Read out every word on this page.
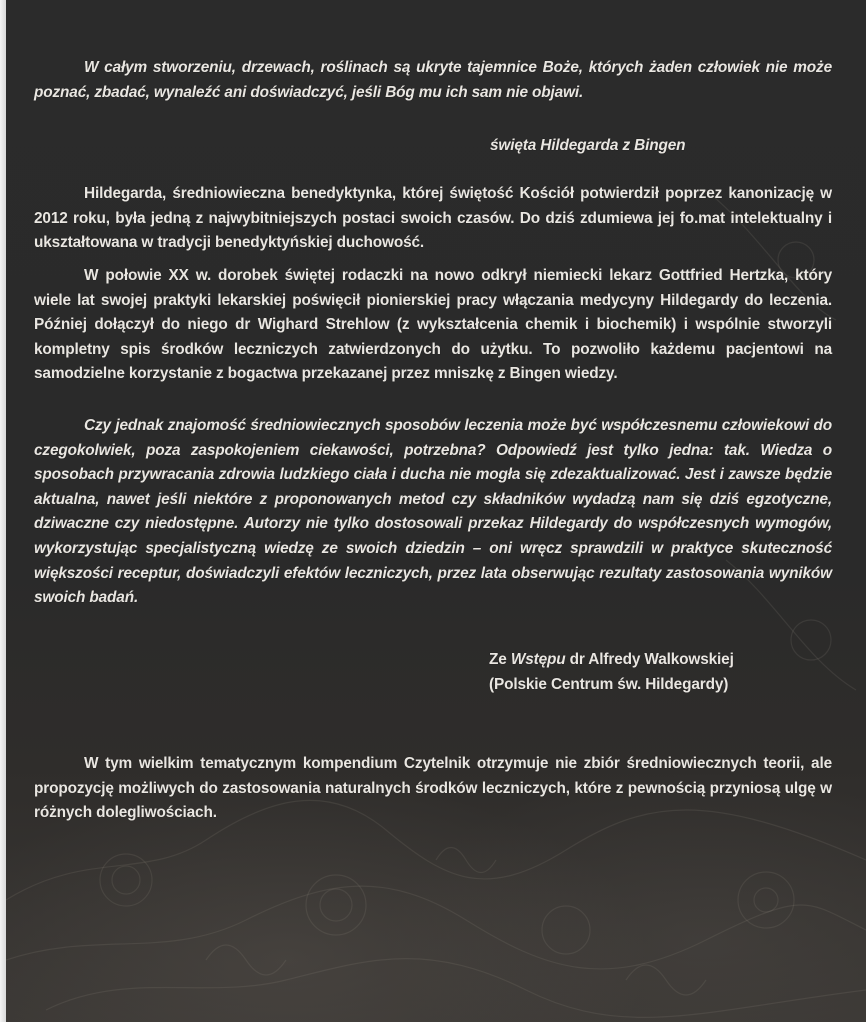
W całym stworzeniu, drzewach, roślinach są ukryte tajemnice Boże, których żaden człowiek nie może poznać, zbadać, wynaleźć ani doświadczyć, jeśli Bóg mu ich sam nie objawi.

święta Hildegarda z Bingen

Hildegarda, średniowieczna benedyktynka, której świętość Kościół potwierdził poprzez kanonizację w 2012 roku, była jedną z najwybitniejszych postaci swoich czasów. Do dziś zdumiewa jej fo.mat intelektualny i ukształtowana w tradycji benedyktyńskiej duchowość.

W połowie XX w. dorobek świętej rodaczki na nowo odkrył niemiecki lekarz Gottfried Hertzka, który wiele lat swojej praktyki lekarskiej poświęcił pionierskiej pracy włączania medycyny Hildegardy do leczenia. Później dołączył do niego dr Wighard Strehlow (z wykształcenia chemik i biochemik) i wspólnie stworzyli kompletny spis środków leczniczych zatwierdzonych do użytku. To pozwoliło każdemu pacjentowi na samodzielne korzystanie z bogactwa przekazanej przez mniszkę z Bingen wiedzy.

Czy jednak znajomość średniowiecznych sposobów leczenia może być współczesnemu człowiekowi do czegokolwiek, poza zaspokojeniem ciekawości, potrzebna? Odpowiedź jest tylko jedna: tak. Wiedza o sposobach przywracania zdrowia ludzkiego ciała i ducha nie mogła się zdezaktualizować. Jest i zawsze będzie aktualna, nawet jeśli niektóre z proponowanych metod czy składników wydadzą nam się dziś egzotyczne, dziwaczne czy niedostępne. Autorzy nie tylko dostosowali przekaz Hildegardy do współczesnych wymogów, wykorzystując specjalistyczną wiedzę ze swoich dziedzin – oni wręcz sprawdzili w praktyce skuteczność większości receptur, doświadczyli efektów leczniczych, przez lata obserwując rezultaty zastosowania wyników swoich badań.

Ze Wstępu dr Alfredy Walkowskiej
(Polskie Centrum św. Hildegardy)

W tym wielkim tematycznym kompendium Czytelnik otrzymuje nie zbiór średniowiecznych teorii, ale propozycję możliwych do zastosowania naturalnych środków leczniczych, które z pewnością przyniosą ulgę w różnych dolegliwościach.
